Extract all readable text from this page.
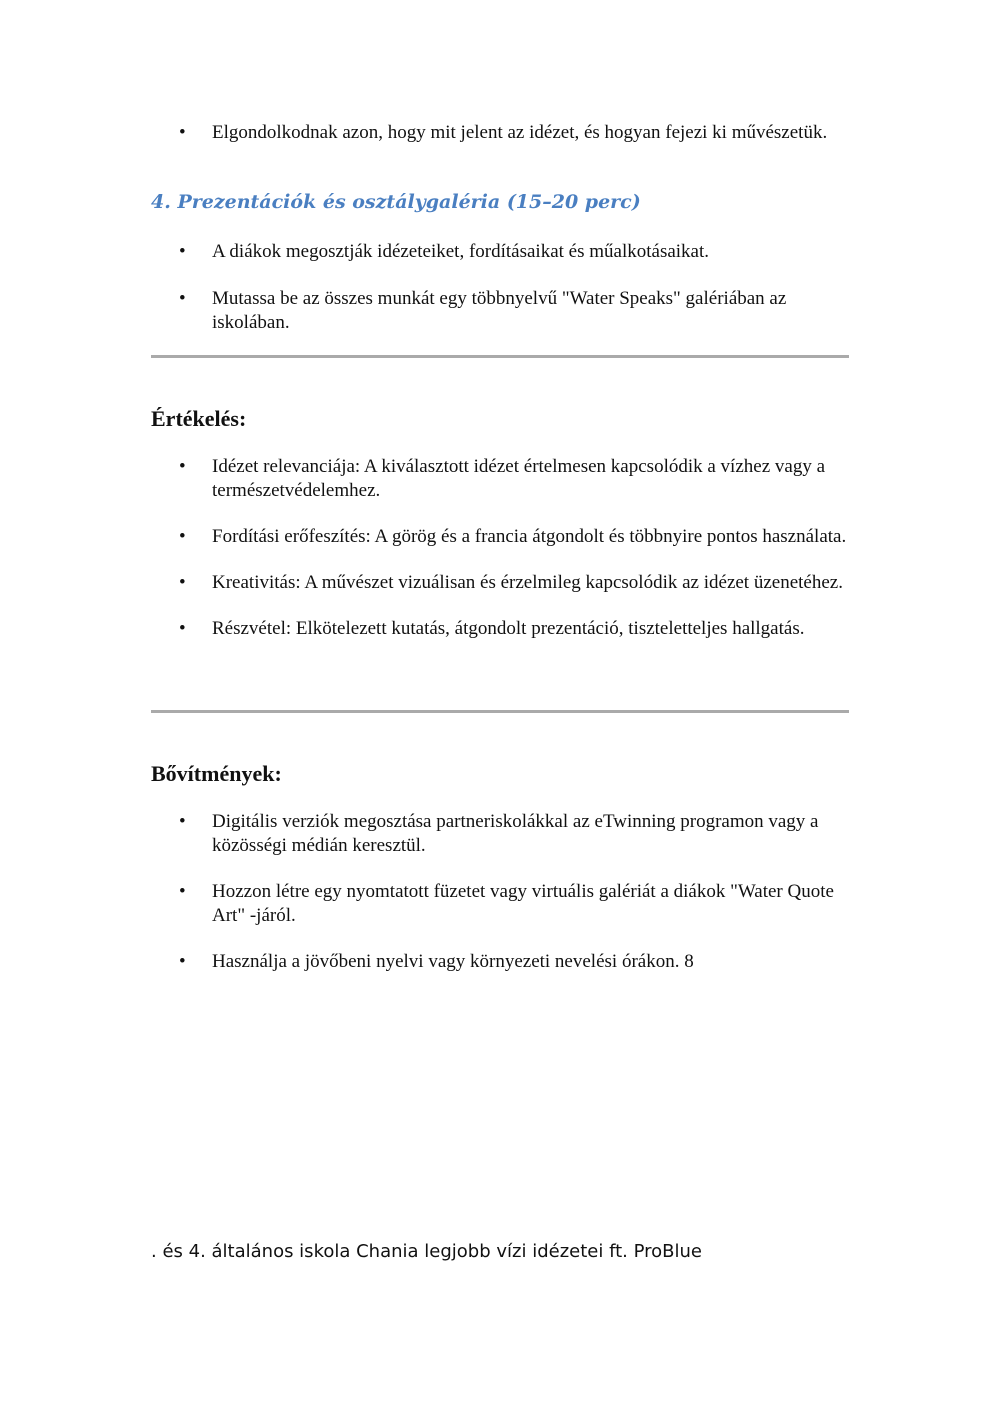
• Elgondolkodnak azon, hogy mit jelent az idézet, és hogyan fejezi ki művészetük.
4. Prezentációk és osztálygaléria (15–20 perc)
• A diákok megosztják idézeteiket, fordításaikat és műalkotásaikat.
• Mutassa be az összes munkát egy többnyelvű "Water Speaks" galériában az iskolában.
Értékelés:
• Idézet relevanciája: A kiválasztott idézet értelmesen kapcsolódik a vízhez vagy a természetvédelemhez.
• Fordítási erőfeszítés: A görög és a francia átgondolt és többnyire pontos használata.
• Kreativitás: A művészet vizuálisan és érzelmileg kapcsolódik az idézet üzenetéhez.
• Részvétel: Elkötelezett kutatás, átgondolt prezentáció, tiszteletteljes hallgatás.
Bővítmények:
• Digitális verziók megosztása partneriskolákkal az eTwinning programon vagy a közösségi médián keresztül.
• Hozzon létre egy nyomtatott füzetet vagy virtuális galériát a diákok "Water Quote Art" -járól.
• Használja a jövőbeni nyelvi vagy környezeti nevelési órákon. 8
. és 4. általános iskola Chania legjobb vízi idézetei ft. ProBlue
